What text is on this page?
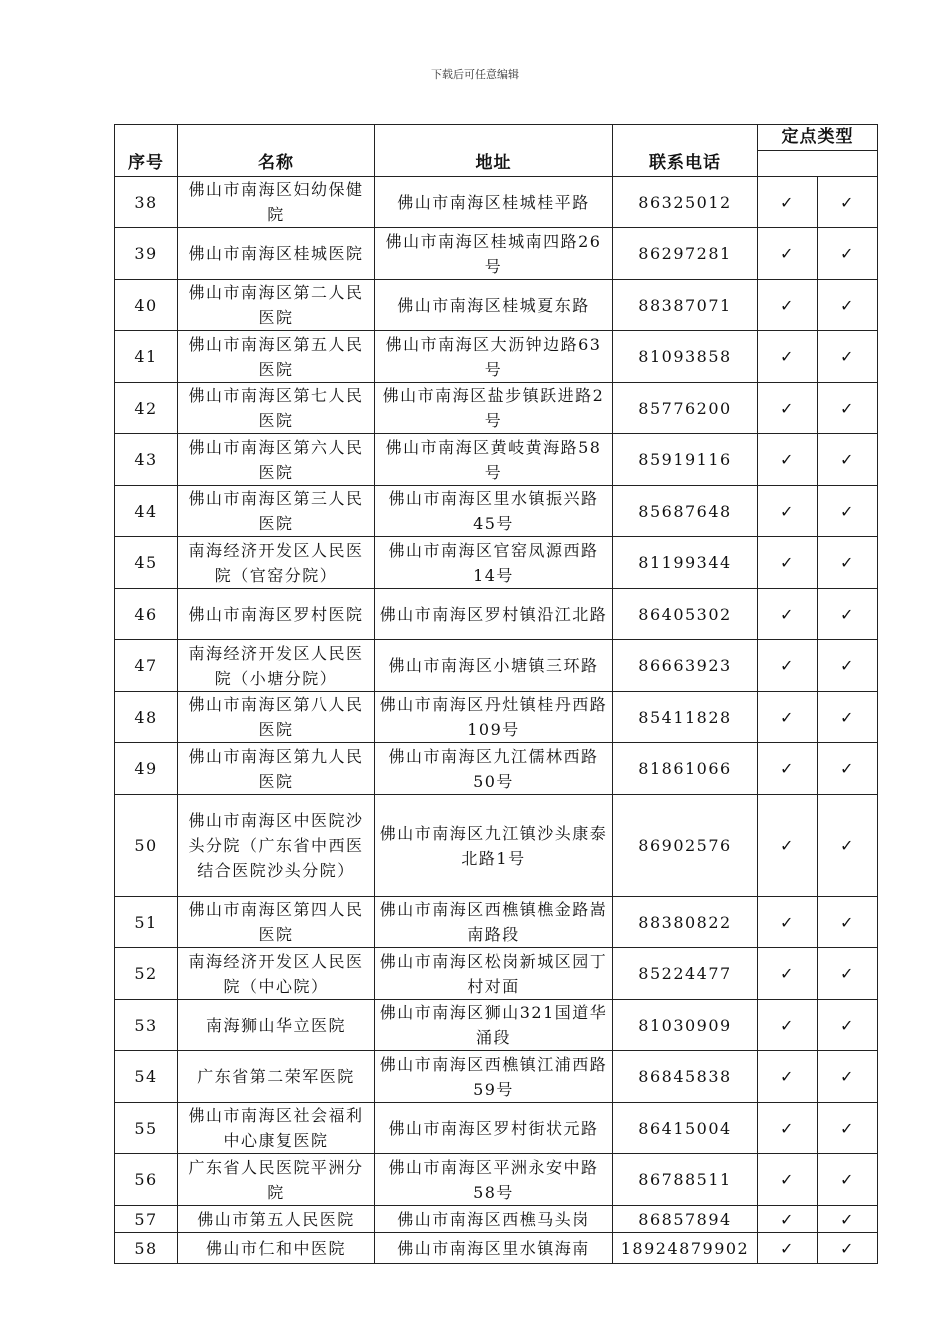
下载后可任意编辑
序号	名称	地址	联系电话	定点类型	

38	佛山市南海区妇幼保健院	佛山市南海区桂城桂平路	86325012	✓	✓
39	佛山市南海区桂城医院	佛山市南海区桂城南四路26号	86297281	✓	✓
40	佛山市南海区第二人民医院	佛山市南海区桂城夏东路	88387071	✓	✓
41	佛山市南海区第五人民医院	佛山市南海区大沥钟边路63号	81093858	✓	✓
42	佛山市南海区第七人民医院	佛山市南海区盐步镇跃进路2号	85776200	✓	✓
43	佛山市南海区第六人民医院	佛山市南海区黄岐黄海路58号	85919116	✓	✓
44	佛山市南海区第三人民医院	佛山市南海区里水镇振兴路45号	85687648	✓	✓
45	南海经济开发区人民医院（官窑分院）	佛山市南海区官窑凤源西路14号	81199344	✓	✓
46	佛山市南海区罗村医院	佛山市南海区罗村镇沿江北路	86405302	✓	✓
47	南海经济开发区人民医院（小塘分院）	佛山市南海区小塘镇三环路	86663923	✓	✓
48	佛山市南海区第八人民医院	佛山市南海区丹灶镇桂丹西路109号	85411828	✓	✓
49	佛山市南海区第九人民医院	佛山市南海区九江儒林西路50号	81861066	✓	✓
50	佛山市南海区中医院沙头分院（广东省中西医结合医院沙头分院）	佛山市南海区九江镇沙头康泰北路1号	86902576	✓	✓
51	佛山市南海区第四人民医院	佛山市南海区西樵镇樵金路嵩南路段	88380822	✓	✓
52	南海经济开发区人民医院（中心院）	佛山市南海区松岗新城区园丁村对面	85224477	✓	✓
53	南海狮山华立医院	佛山市南海区狮山321国道华涌段	81030909	✓	✓
54	广东省第二荣军医院	佛山市南海区西樵镇江浦西路59号	86845838	✓	✓
55	佛山市南海区社会福利中心康复医院	佛山市南海区罗村街状元路	86415004	✓	✓
56	广东省人民医院平洲分院	佛山市南海区平洲永安中路58号	86788511	✓	✓
57	佛山市第五人民医院	佛山市南海区西樵马头岗	86857894	✓	✓
58	佛山市仁和中医院	佛山市南海区里水镇海南	18924879902	✓	✓
